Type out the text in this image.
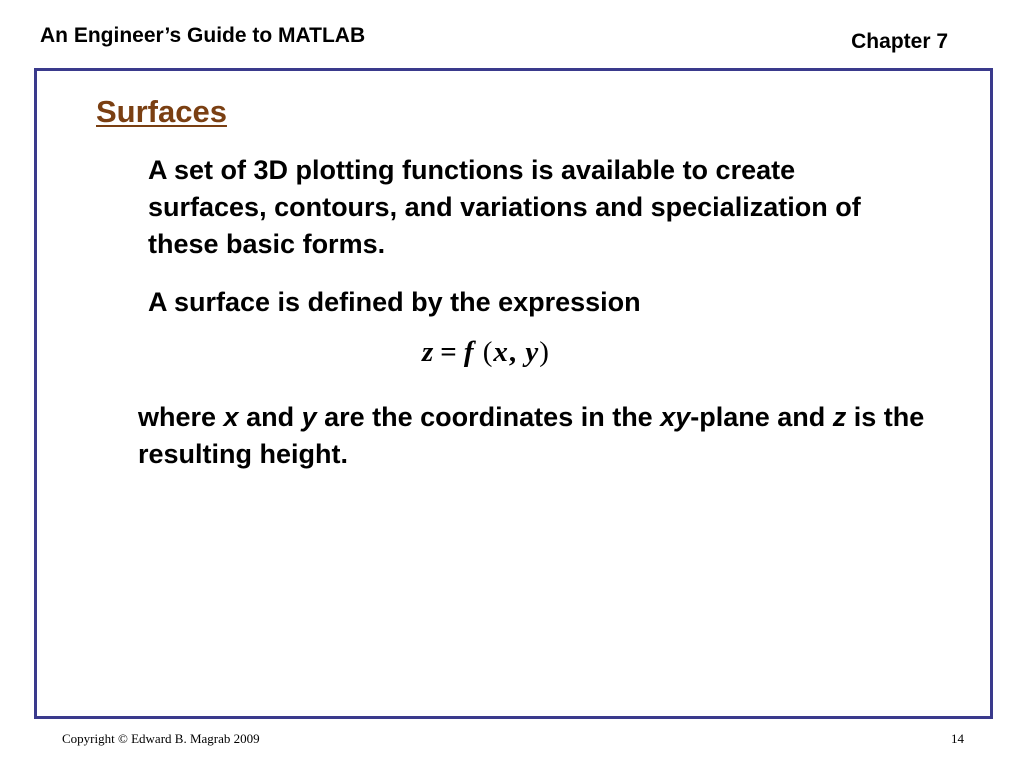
An Engineer’s Guide to MATLAB	Chapter 7
Surfaces
A set of 3D plotting functions is available to create surfaces, contours, and variations and specialization of these basic forms.
A surface is defined by the expression
z = f (x, y)
where x and y are the coordinates in the xy-plane and z is the resulting height.
Copyright © Edward B. Magrab 2009	14
